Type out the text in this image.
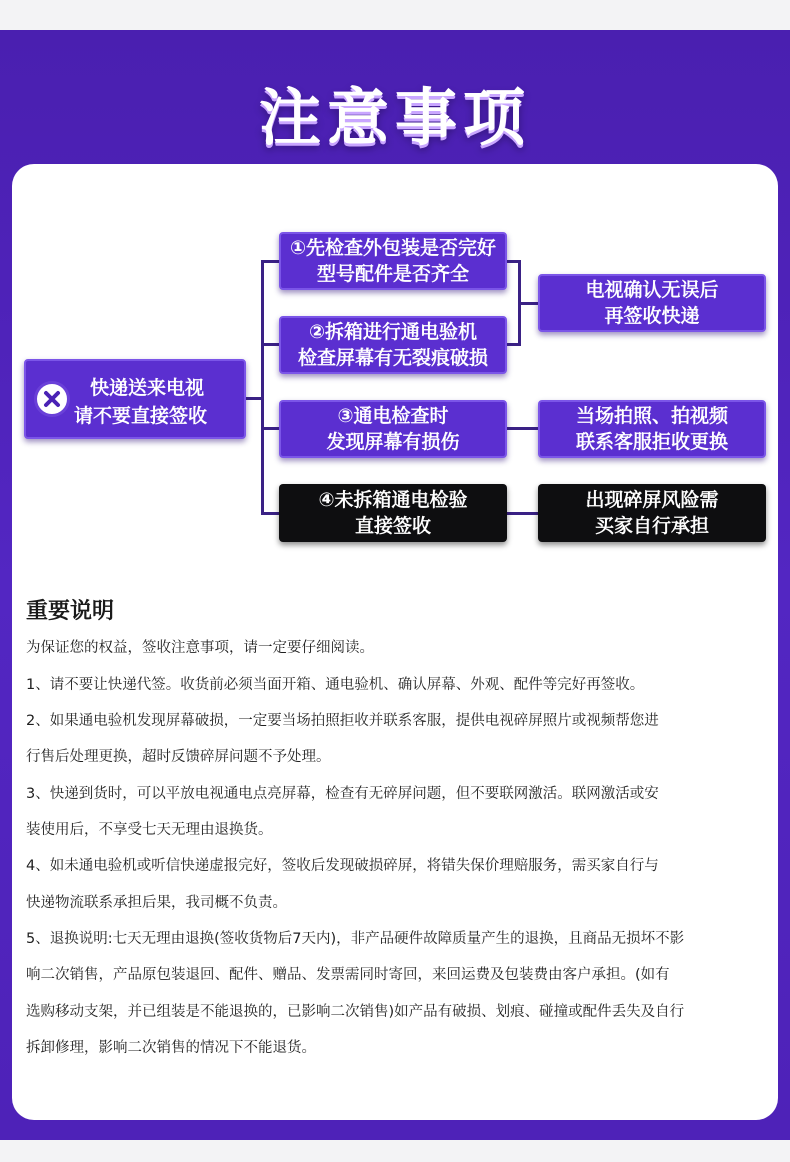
注意事项
快递送来电视
请不要直接签收
①先检查外包装是否完好
型号配件是否齐全
②拆箱进行通电验机
检查屏幕有无裂痕破损
③通电检查时
发现屏幕有损伤
④未拆箱通电检验
直接签收
电视确认无误后
再签收快递
当场拍照、拍视频
联系客服拒收更换
出现碎屏风险需
买家自行承担
重要说明
为保证您的权益，签收注意事项，请一定要仔细阅读。
1、请不要让快递代签。收货前必须当面开箱、通电验机、确认屏幕、外观、配件等完好再签收。
2、如果通电验机发现屏幕破损，一定要当场拍照拒收并联系客服，提供电视碎屏照片或视频帮您进
行售后处理更换，超时反馈碎屏问题不予处理。
3、快递到货时，可以平放电视通电点亮屏幕，检查有无碎屏问题，但不要联网激活。联网激活或安
装使用后，不享受七天无理由退换货。
4、如未通电验机或听信快递虚报完好，签收后发现破损碎屏，将错失保价理赔服务，需买家自行与
快递物流联系承担后果，我司概不负责。
5、退换说明:七天无理由退换(签收货物后7天内)，非产品硬件故障质量产生的退换，且商品无损坏不影
响二次销售，产品原包装退回、配件、赠品、发票需同时寄回，来回运费及包装费由客户承担。(如有
选购移动支架，并已组装是不能退换的，已影响二次销售)如产品有破损、划痕、碰撞或配件丢失及自行
拆卸修理，影响二次销售的情况下不能退货。
